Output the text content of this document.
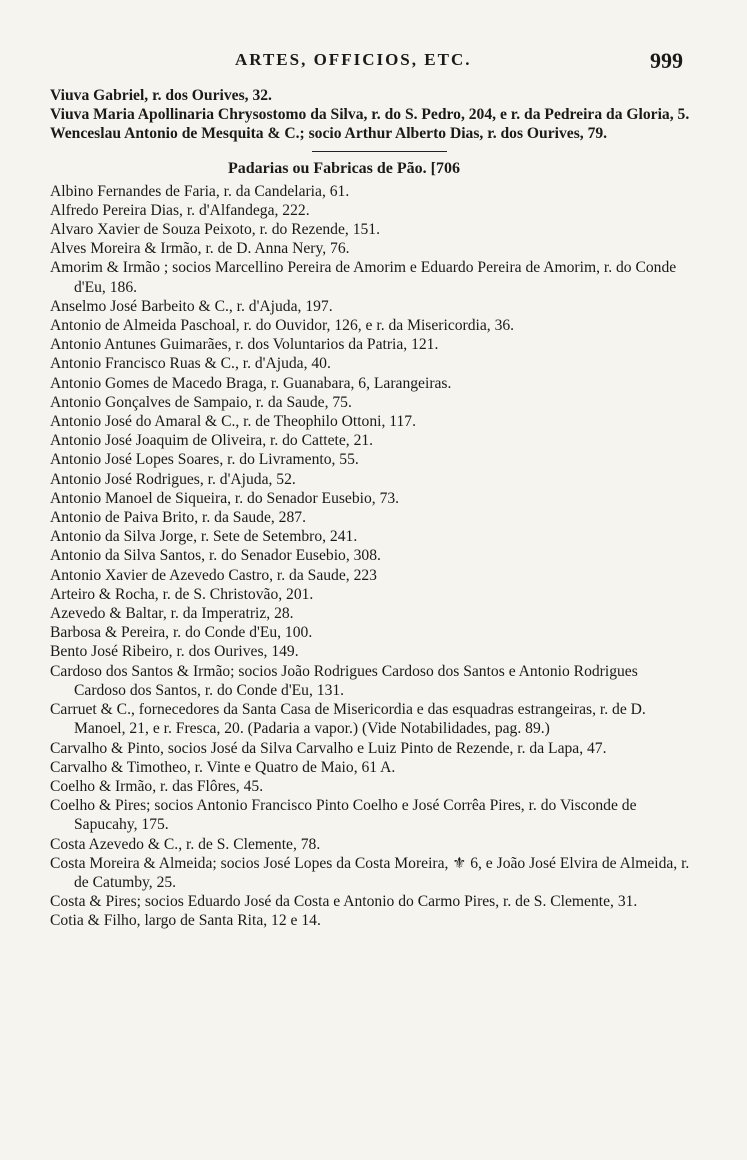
ARTES, OFFICIOS, ETC.	999
Viuva Gabriel, r. dos Ourives, 32.
Viuva Maria Apollinaria Chrysostomo da Silva, r. do S. Pedro, 204, e r. da Pedreira da Gloria, 5.
Wenceslau Antonio de Mesquita & C.; socio Arthur Alberto Dias, r. dos Ourives, 79.
Padarias ou Fabricas de Pão. [706
Albino Fernandes de Faria, r. da Candelaria, 61.
Alfredo Pereira Dias, r. d'Alfandega, 222.
Alvaro Xavier de Souza Peixoto, r. do Rezende, 151.
Alves Moreira & Irmão, r. de D. Anna Nery, 76.
Amorim & Irmão ; socios Marcellino Pereira de Amorim e Eduardo Pereira de Amorim, r. do Conde d'Eu, 186.
Anselmo José Barbeito & C., r. d'Ajuda, 197.
Antonio de Almeida Paschoal, r. do Ouvidor, 126, e r. da Misericordia, 36.
Antonio Antunes Guimarães, r. dos Voluntarios da Patria, 121.
Antonio Francisco Ruas & C., r. d'Ajuda, 40.
Antonio Gomes de Macedo Braga, r. Guanabara, 6, Larangeiras.
Antonio Gonçalves de Sampaio, r. da Saude, 75.
Antonio José do Amaral & C., r. de Theophilo Ottoni, 117.
Antonio José Joaquim de Oliveira, r. do Cattete, 21.
Antonio José Lopes Soares, r. do Livramento, 55.
Antonio José Rodrigues, r. d'Ajuda, 52.
Antonio Manoel de Siqueira, r. do Senador Eusebio, 73.
Antonio de Paiva Brito, r. da Saude, 287.
Antonio da Silva Jorge, r. Sete de Setembro, 241.
Antonio da Silva Santos, r. do Senador Eusebio, 308.
Antonio Xavier de Azevedo Castro, r. da Saude, 223
Arteiro & Rocha, r. de S. Christovão, 201.
Azevedo & Baltar, r. da Imperatriz, 28.
Barbosa & Pereira, r. do Conde d'Eu, 100.
Bento José Ribeiro, r. dos Ourives, 149.
Cardoso dos Santos & Irmão; socios João Rodrigues Cardoso dos Santos e Antonio Rodrigues Cardoso dos Santos, r. do Conde d'Eu, 131.
Carruet & C., fornecedores da Santa Casa de Misericordia e das esquadras estrangeiras, r. de D. Manoel, 21, e r. Fresca, 20. (Padaria a vapor.) (Vide Notabilidades, pag. 89.)
Carvalho & Pinto, socios José da Silva Carvalho e Luiz Pinto de Rezende, r. da Lapa, 47.
Carvalho & Timotheo, r. Vinte e Quatro de Maio, 61 A.
Coelho & Irmão, r. das Flôres, 45.
Coelho & Pires; socios Antonio Francisco Pinto Coelho e José Corrêa Pires, r. do Visconde de Sapucahy, 175.
Costa Azevedo & C., r. de S. Clemente, 78.
Costa Moreira & Almeida; socios José Lopes da Costa Moreira, ⚜ 6, e João José Elvira de Almeida, r. de Catumby, 25.
Costa & Pires; socios Eduardo José da Costa e Antonio do Carmo Pires, r. de S. Clemente, 31.
Cotia & Filho, largo de Santa Rita, 12 e 14.
